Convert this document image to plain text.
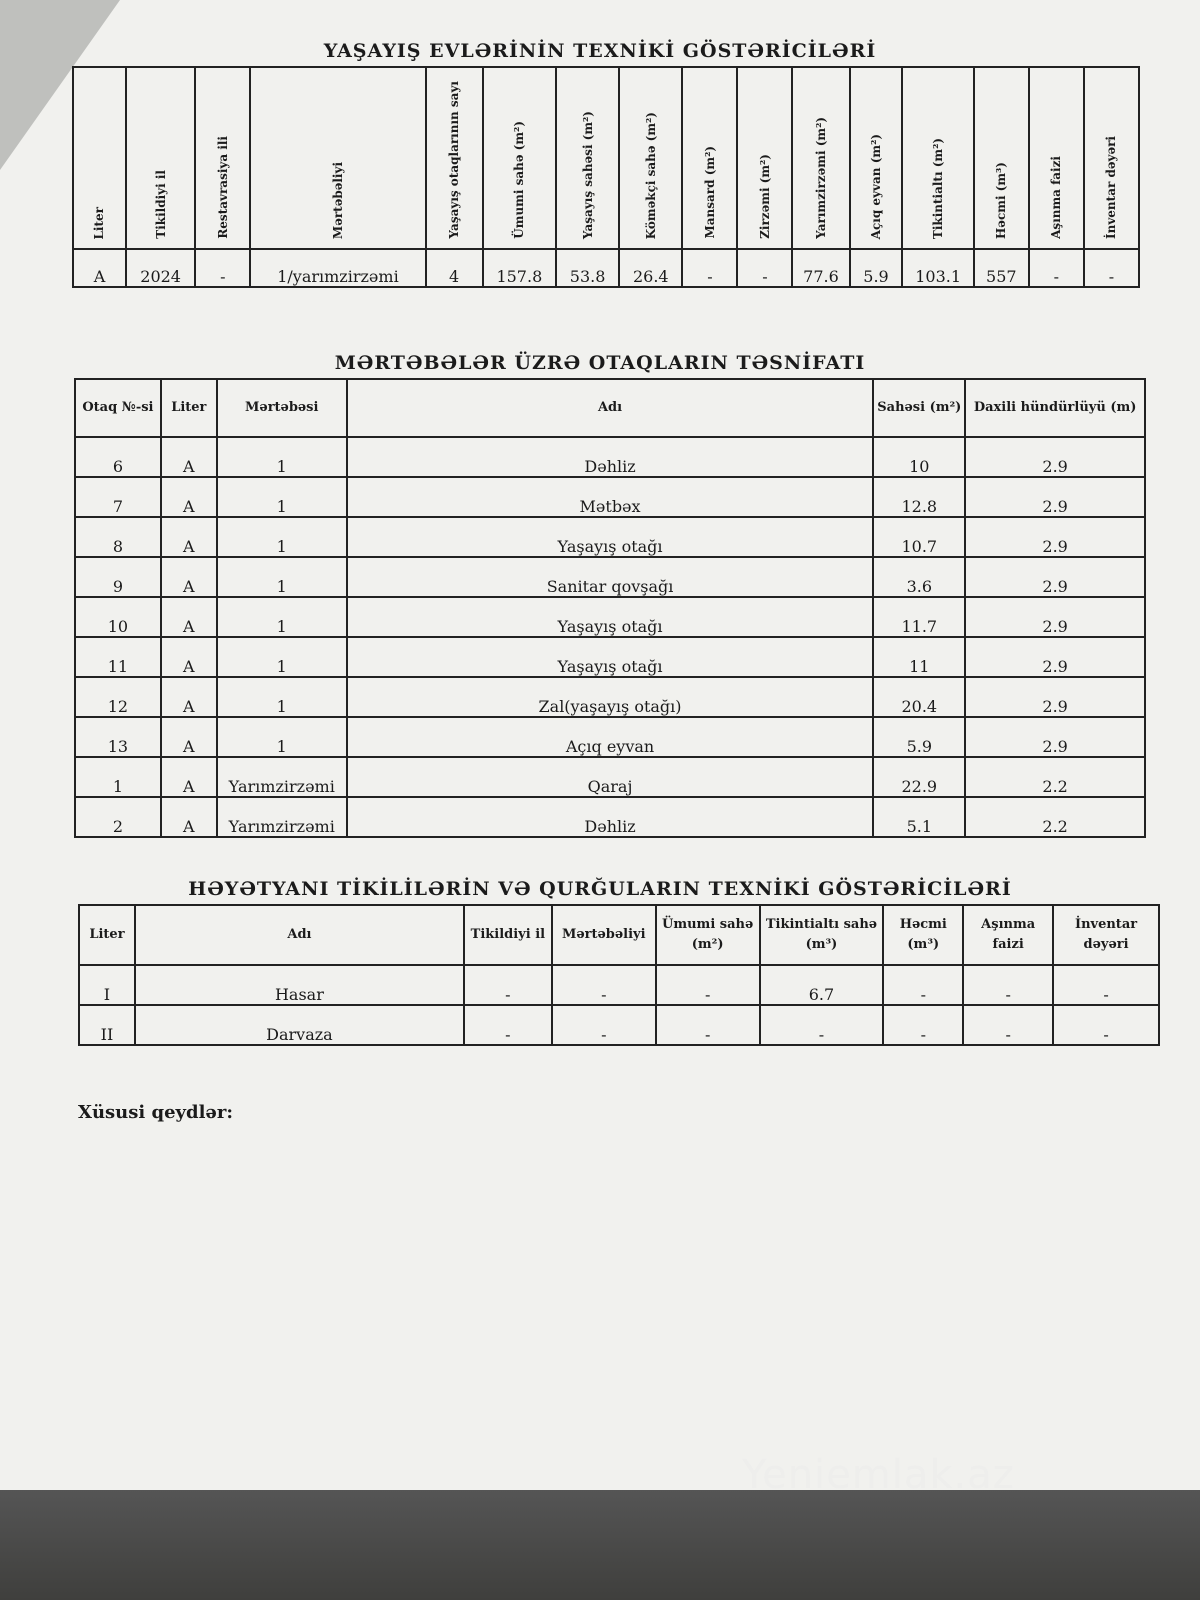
YAŞAYIŞ EVLƏRİNİN TEXNİKİ GÖSTƏRİCİLƏRİ
Liter	Tikildiyi il	Restavrasiya ili	Mərtəbəliyi	Yaşayış otaqlarının sayı	Ümumi sahə (m²)	Yaşayış sahəsi (m²)	Köməkçi sahə (m²)	Mansard (m²)	Zirzəmi (m²)	Yarımzirzəmi (m²)	Açıq eyvan (m²)	Tikintialtı (m²)	Həcmi (m³)	Aşınma faizi	İnventar dəyəri
A	2024	-	1/yarımzirzəmi	4	157.8	53.8	26.4	-	-	77.6	5.9	103.1	557	-	-
MƏRTƏBƏLƏR ÜZRƏ OTAQLARIN TƏSNİFATI
Otaq №-si	Liter	Mərtəbəsi	Adı	Sahəsi (m²)	Daxili hündürlüyü (m)
6	A	1	Dəhliz	10	2.9
7	A	1	Mətbəx	12.8	2.9
8	A	1	Yaşayış otağı	10.7	2.9
9	A	1	Sanitar qovşağı	3.6	2.9
10	A	1	Yaşayış otağı	11.7	2.9
11	A	1	Yaşayış otağı	11	2.9
12	A	1	Zal(yaşayış otağı)	20.4	2.9
13	A	1	Açıq eyvan	5.9	2.9
1	A	Yarımzirzəmi	Qaraj	22.9	2.2
2	A	Yarımzirzəmi	Dəhliz	5.1	2.2
HƏYƏTYANI TİKİLİLƏRİN VƏ QURĞULARIN TEXNİKİ GÖSTƏRİCİLƏRİ
Liter	Adı	Tikildiyi il	Mərtəbəliyi	Ümumi sahə (m²)	Tikintialtı sahə (m³)	Həcmi (m³)	Aşınma faizi	İnventar dəyəri
I	Hasar	-	-	-	6.7	-	-	-
II	Darvaza	-	-	-	-	-	-	-
Xüsusi qeydlər:
Yeniemlak.az
